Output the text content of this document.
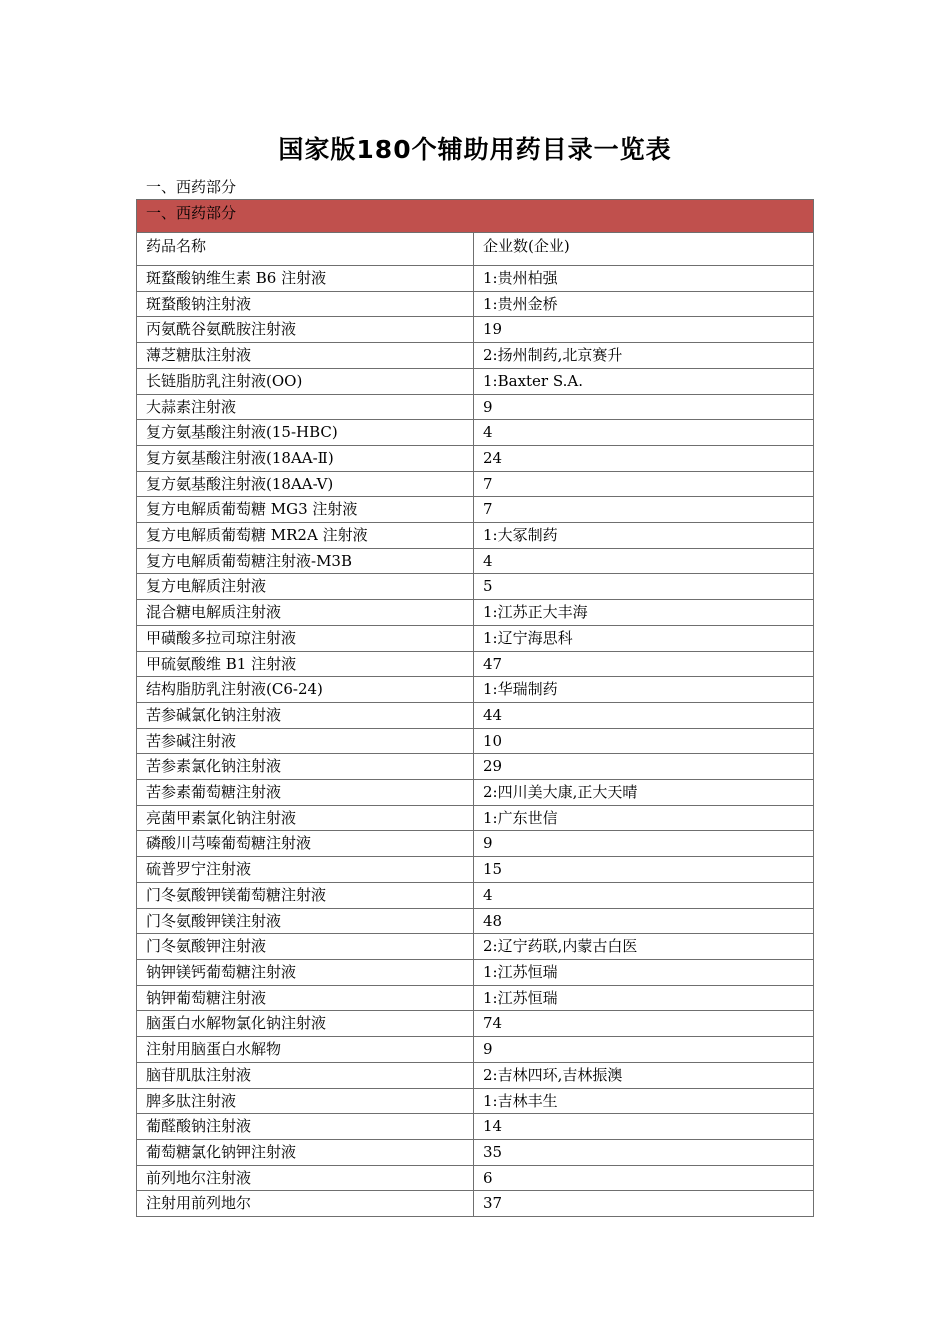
国家版180个辅助用药目录一览表

一、西药部分

一、西药部分	
药品名称	企业数(企业)
斑蝥酸钠维生素 B6 注射液	1:贵州柏强
斑蝥酸钠注射液	1:贵州金桥
丙氨酰谷氨酰胺注射液	19
薄芝糖肽注射液	2:扬州制药,北京赛升
长链脂肪乳注射液(OO)	1:Baxter S.A.
大蒜素注射液	9
复方氨基酸注射液(15-HBC)	4
复方氨基酸注射液(18AA-Ⅱ)	24
复方氨基酸注射液(18AA-V)	7
复方电解质葡萄糖 MG3 注射液	7
复方电解质葡萄糖 MR2A 注射液	1:大冢制药
复方电解质葡萄糖注射液-M3B	4
复方电解质注射液	5
混合糖电解质注射液	1:江苏正大丰海
甲磺酸多拉司琼注射液	1:辽宁海思科
甲硫氨酸维 B1 注射液	47
结构脂肪乳注射液(C6-24)	1:华瑞制药
苦参碱氯化钠注射液	44
苦参碱注射液	10
苦参素氯化钠注射液	29
苦参素葡萄糖注射液	2:四川美大康,正大天晴
亮菌甲素氯化钠注射液	1:广东世信
磷酸川芎嗪葡萄糖注射液	9
硫普罗宁注射液	15
门冬氨酸钾镁葡萄糖注射液	4
门冬氨酸钾镁注射液	48
门冬氨酸钾注射液	2:辽宁药联,内蒙古白医
钠钾镁钙葡萄糖注射液	1:江苏恒瑞
钠钾葡萄糖注射液	1:江苏恒瑞
脑蛋白水解物氯化钠注射液	74
注射用脑蛋白水解物	9
脑苷肌肽注射液	2:吉林四环,吉林振澳
脾多肽注射液	1:吉林丰生
葡醛酸钠注射液	14
葡萄糖氯化钠钾注射液	35
前列地尔注射液	6
注射用前列地尔	37
